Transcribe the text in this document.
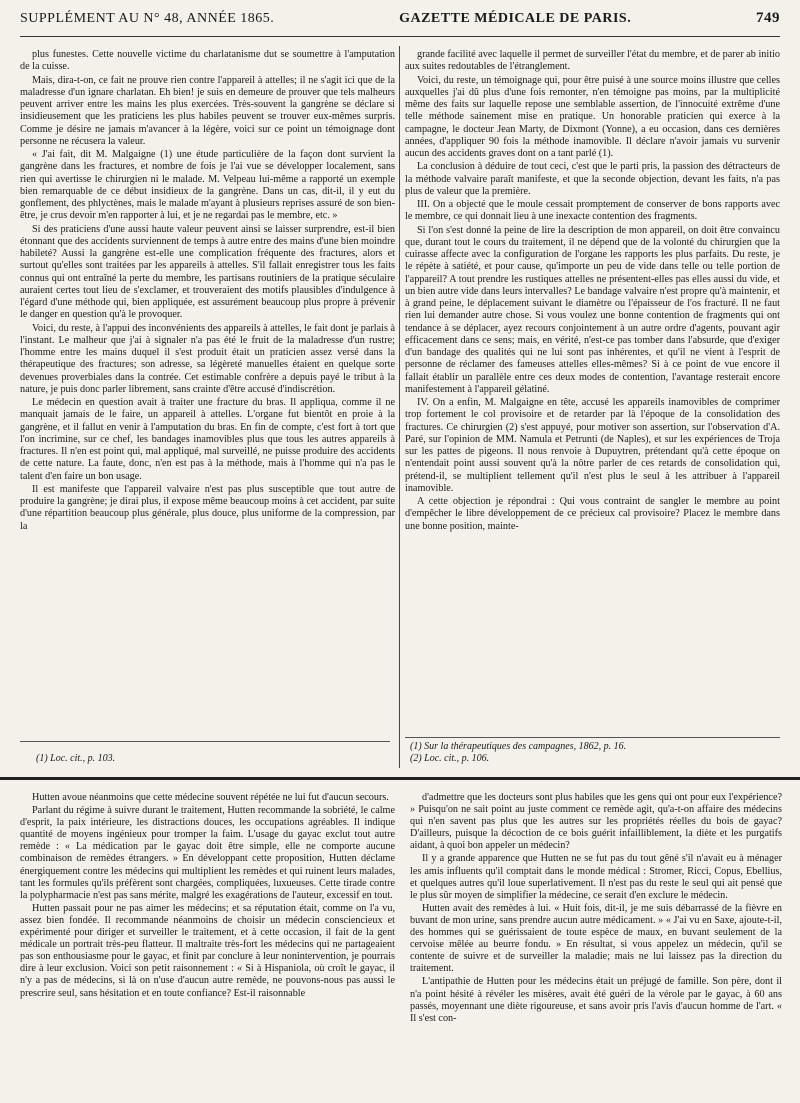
SUPPLÉMENT AU N° 48, ANNÉE 1865.	GAZETTE MÉDICALE DE PARIS.	749

plus funestes. Cette nouvelle victime du charlatanisme dut se soumettre à l'amputation de la cuisse.

Mais, dira-t-on, ce fait ne prouve rien contre l'appareil à attelles; il ne s'agit ici que de la maladresse d'un ignare charlatan. Eh bien! je suis en demeure de prouver que tels malheurs peuvent arriver entre les mains les plus exercées. Très-souvent la gangrène se déclare si insidieusement que les praticiens les plus habiles peuvent se trouver eux-mêmes surpris. Comme je désire ne jamais m'avancer à la légère, voici sur ce point un témoignage dont personne ne récusera la valeur.

« J'ai fait, dit M. Malgaigne (1) une étude particulière de la façon dont survient la gangrène dans les fractures, et nombre de fois je l'ai vue se développer localement, sans rien qui avertisse le chirurgien ni le malade. M. Velpeau lui-même a rapporté un exemple bien remarquable de ce début insidieux de la gangrène. Dans un cas, dit-il, il y eut du gonflement, des phlyctènes, mais le malade m'ayant à plusieurs reprises assuré de son bien-être, je crus devoir m'en rapporter à lui, et je ne regardai pas le membre, etc. »

Si des praticiens d'une aussi haute valeur peuvent ainsi se laisser surprendre, est-il bien étonnant que des accidents surviennent de temps à autre entre des mains d'une bien moindre habileté? Aussi la gangrène est-elle une complication fréquente des fractures, alors et surtout qu'elles sont traitées par les appareils à attelles. S'il fallait enregistrer tous les faits connus qui ont entraîné la perte du membre, les partisans routiniers de la pratique séculaire auraient certes tout lieu de s'exclamer, et trouveraient des motifs plausibles d'indulgence à l'égard d'une méthode qui, bien appliquée, est assurément beaucoup plus propre à prévenir le danger en question qu'à le provoquer.

Voici, du reste, à l'appui des inconvénients des appareils à attelles, le fait dont je parlais à l'instant. Le malheur que j'ai à signaler n'a pas été le fruit de la maladresse d'un rustre; l'homme entre les mains duquel il s'est produit était un praticien assez versé dans la thérapeutique des fractures; son adresse, sa légèreté manuelles étaient en quelque sorte devenues proverbiales dans la contrée. Cet estimable confrère a depuis payé le tribut à la nature, je puis donc parler librement, sans crainte d'être accusé d'indiscrétion.

Le médecin en question avait à traiter une fracture du bras. Il appliqua, comme il ne manquait jamais de le faire, un appareil à attelles. L'organe fut bientôt en proie à la gangrène, et il fallut en venir à l'amputation du bras. En fin de compte, c'est fort à tort que l'on incrimine, sur ce chef, les bandages inamovibles plus que tous les autres appareils à fractures. Il n'en est point qui, mal appliqué, mal surveillé, ne puisse produire des accidents de cette nature. La faute, donc, n'en est pas à la méthode, mais à l'homme qui n'a pas le talent d'en faire un bon usage.

Il est manifeste que l'appareil valvaire n'est pas plus susceptible que tout autre de produire la gangrène; je dirai plus, il expose même beaucoup moins à cet accident, par suite d'une répartition beaucoup plus générale, plus douce, plus uniforme de la compression, par la

grande facilité avec laquelle il permet de surveiller l'état du membre, et de parer ab initio aux suites redoutables de l'étranglement.

Voici, du reste, un témoignage qui, pour être puisé à une source moins illustre que celles auxquelles j'ai dû plus d'une fois remonter, n'en témoigne pas moins, par la multiplicité même des faits sur laquelle repose une semblable assertion, de l'innocuité extrême d'une telle méthode sainement mise en pratique. Un honorable praticien qui exerce à la campagne, le docteur Jean Marty, de Dixmont (Yonne), a eu occasion, dans ces dernières années, d'appliquer 90 fois la méthode inamovible. Il déclare n'avoir jamais vu survenir aucun des accidents graves dont on a tant parlé (1).

La conclusion à déduire de tout ceci, c'est que le parti pris, la passion des détracteurs de la méthode valvaire paraît manifeste, et que la seconde objection, devant les faits, n'a pas plus de valeur que la première.

III. On a objecté que le moule cessait promptement de conserver de bons rapports avec le membre, ce qui donnait lieu à une inexacte contention des fragments.

Si l'on s'est donné la peine de lire la description de mon appareil, on doit être convaincu que, durant tout le cours du traitement, il ne dépend que de la volonté du chirurgien que la cuirasse affecte avec la configuration de l'organe les rapports les plus parfaits. Du reste, je le répète à satiété, et pour cause, qu'importe un peu de vide dans telle ou telle portion de l'appareil? A tout prendre les rustiques attelles ne présentent-elles pas elles aussi du vide, et un bien autre vide dans leurs intervalles? Le bandage valvaire n'est propre qu'à maintenir, et à grand peine, le déplacement suivant le diamètre ou l'épaisseur de l'os fracturé. Il ne faut rien lui demander autre chose. Si vous voulez une bonne contention de fragments qui ont tendance à se déplacer, ayez recours conjointement à un autre ordre d'agents, pouvant agir efficacement dans ce sens; mais, en vérité, n'est-ce pas tomber dans l'absurde, que d'exiger d'un bandage des qualités qui ne lui sont pas inhérentes, et qu'il ne vient à l'esprit de personne de réclamer des fameuses attelles elles-mêmes? Si à ce point de vue encore il fallait établir un parallèle entre ces deux modes de contention, l'avantage resterait encore manifestement à l'appareil gélatiné.

IV. On a enfin, M. Malgaigne en tête, accusé les appareils inamovibles de comprimer trop fortement le col provisoire et de retarder par là l'époque de la consolidation des fractures. Ce chirurgien (2) s'est appuyé, pour motiver son assertion, sur l'observation d'A. Paré, sur l'opinion de MM. Namula et Petrunti (de Naples), et sur les expériences de Troja sur les pattes de pigeons. Il nous renvoie à Dupuytren, prétendant qu'à cette époque on n'entendait point aussi souvent qu'à la nôtre parler de ces retards de consolidation qui, prétend-il, se multiplient tellement qu'il n'est plus le seul à les attribuer à l'appareil inamovible.

A cette objection je répondrai : Qui vous contraint de sangler le membre au point d'empêcher le libre développement de ce précieux cal provisoire? Placez le membre dans une bonne position, mainte-

(1) Loc. cit., p. 103.
(1) Sur la thérapeutiques des campagnes, 1862, p. 16.
(2) Loc. cit., p. 106.

Hutten avoue néanmoins que cette médecine souvent répétée ne lui fut d'aucun secours.

Parlant du régime à suivre durant le traitement, Hutten recommande la sobriété, le calme d'esprit, la paix intérieure, les distractions douces, les occupations agréables. Il indique quantité de moyens ingénieux pour tromper la faim. L'usage du gayac exclut tout autre remède : « La médication par le gayac doit être simple, elle ne comporte aucune combinaison de remèdes étrangers. » En développant cette proposition, Hutten déclame énergiquement contre les médecins qui multiplient les remèdes et qui ruinent leurs malades, tant les formules qu'ils préfèrent sont chargées, compliquées, luxueuses. Cette tirade contre la polypharmacie n'est pas sans mérite, malgré les exagérations de l'auteur, excessif en tout.

Hutten passait pour ne pas aimer les médecins; et sa réputation était, comme on l'a vu, assez bien fondée. Il recommande néanmoins de choisir un médecin consciencieux et expérimenté pour diriger et surveiller le traitement, et à cette occasion, il fait de la gent médicale un portrait très-peu flatteur. Il maltraite très-fort les médecins qui ne partageaient pas son enthousiasme pour le gayac, et finit par conclure à leur nonintervention, je pourrais dire à leur exclusion. Voici son petit raisonnement : « Si à Hispaniola, où croît le gayac, il n'y a pas de médecins, si là on n'use d'aucun autre remède, ne pouvons-nous pas aussi le prescrire seul, sans hésitation et en toute confiance? Est-il raisonnable

d'admettre que les docteurs sont plus habiles que les gens qui ont pour eux l'expérience? » Puisqu'on ne sait point au juste comment ce remède agit, qu'a-t-on affaire des médecins qui n'en savent pas plus que les autres sur les propriétés réelles du bois de gayac? D'ailleurs, puisque la décoction de ce bois guérit infailliblement, la diète et les purgatifs aidant, à quoi bon appeler un médecin?

Il y a grande apparence que Hutten ne se fut pas du tout gêné s'il n'avait eu à ménager les amis influents qu'il comptait dans le monde médical : Stromer, Ricci, Copus, Ebellius, et quelques autres qu'il loue superlativement. Il n'est pas du reste le seul qui ait pensé que le plus sûr moyen de simplifier la médecine, ce serait d'en exclure le médecin.

Hutten avait des remèdes à lui. « Huit fois, dit-il, je me suis débarrassé de la fièvre en buvant de mon urine, sans prendre aucun autre médicament. » « J'ai vu en Saxe, ajoute-t-il, des hommes qui se guérissaient de toute espèce de maux, en buvant seulement de la cervoise mêlée au beurre fondu. » En résultat, si vous appelez un médecin, qu'il se contente de suivre et de surveiller la maladie; mais ne lui laissez pas la direction du traitement.

L'antipathie de Hutten pour les médecins était un préjugé de famille. Son père, dont il n'a point hésité à révéler les misères, avait été guéri de la vérole par le gayac, à 60 ans passés, moyennant une diète rigoureuse, et sans avoir pris l'avis d'aucun homme de l'art. « Il s'est con-
